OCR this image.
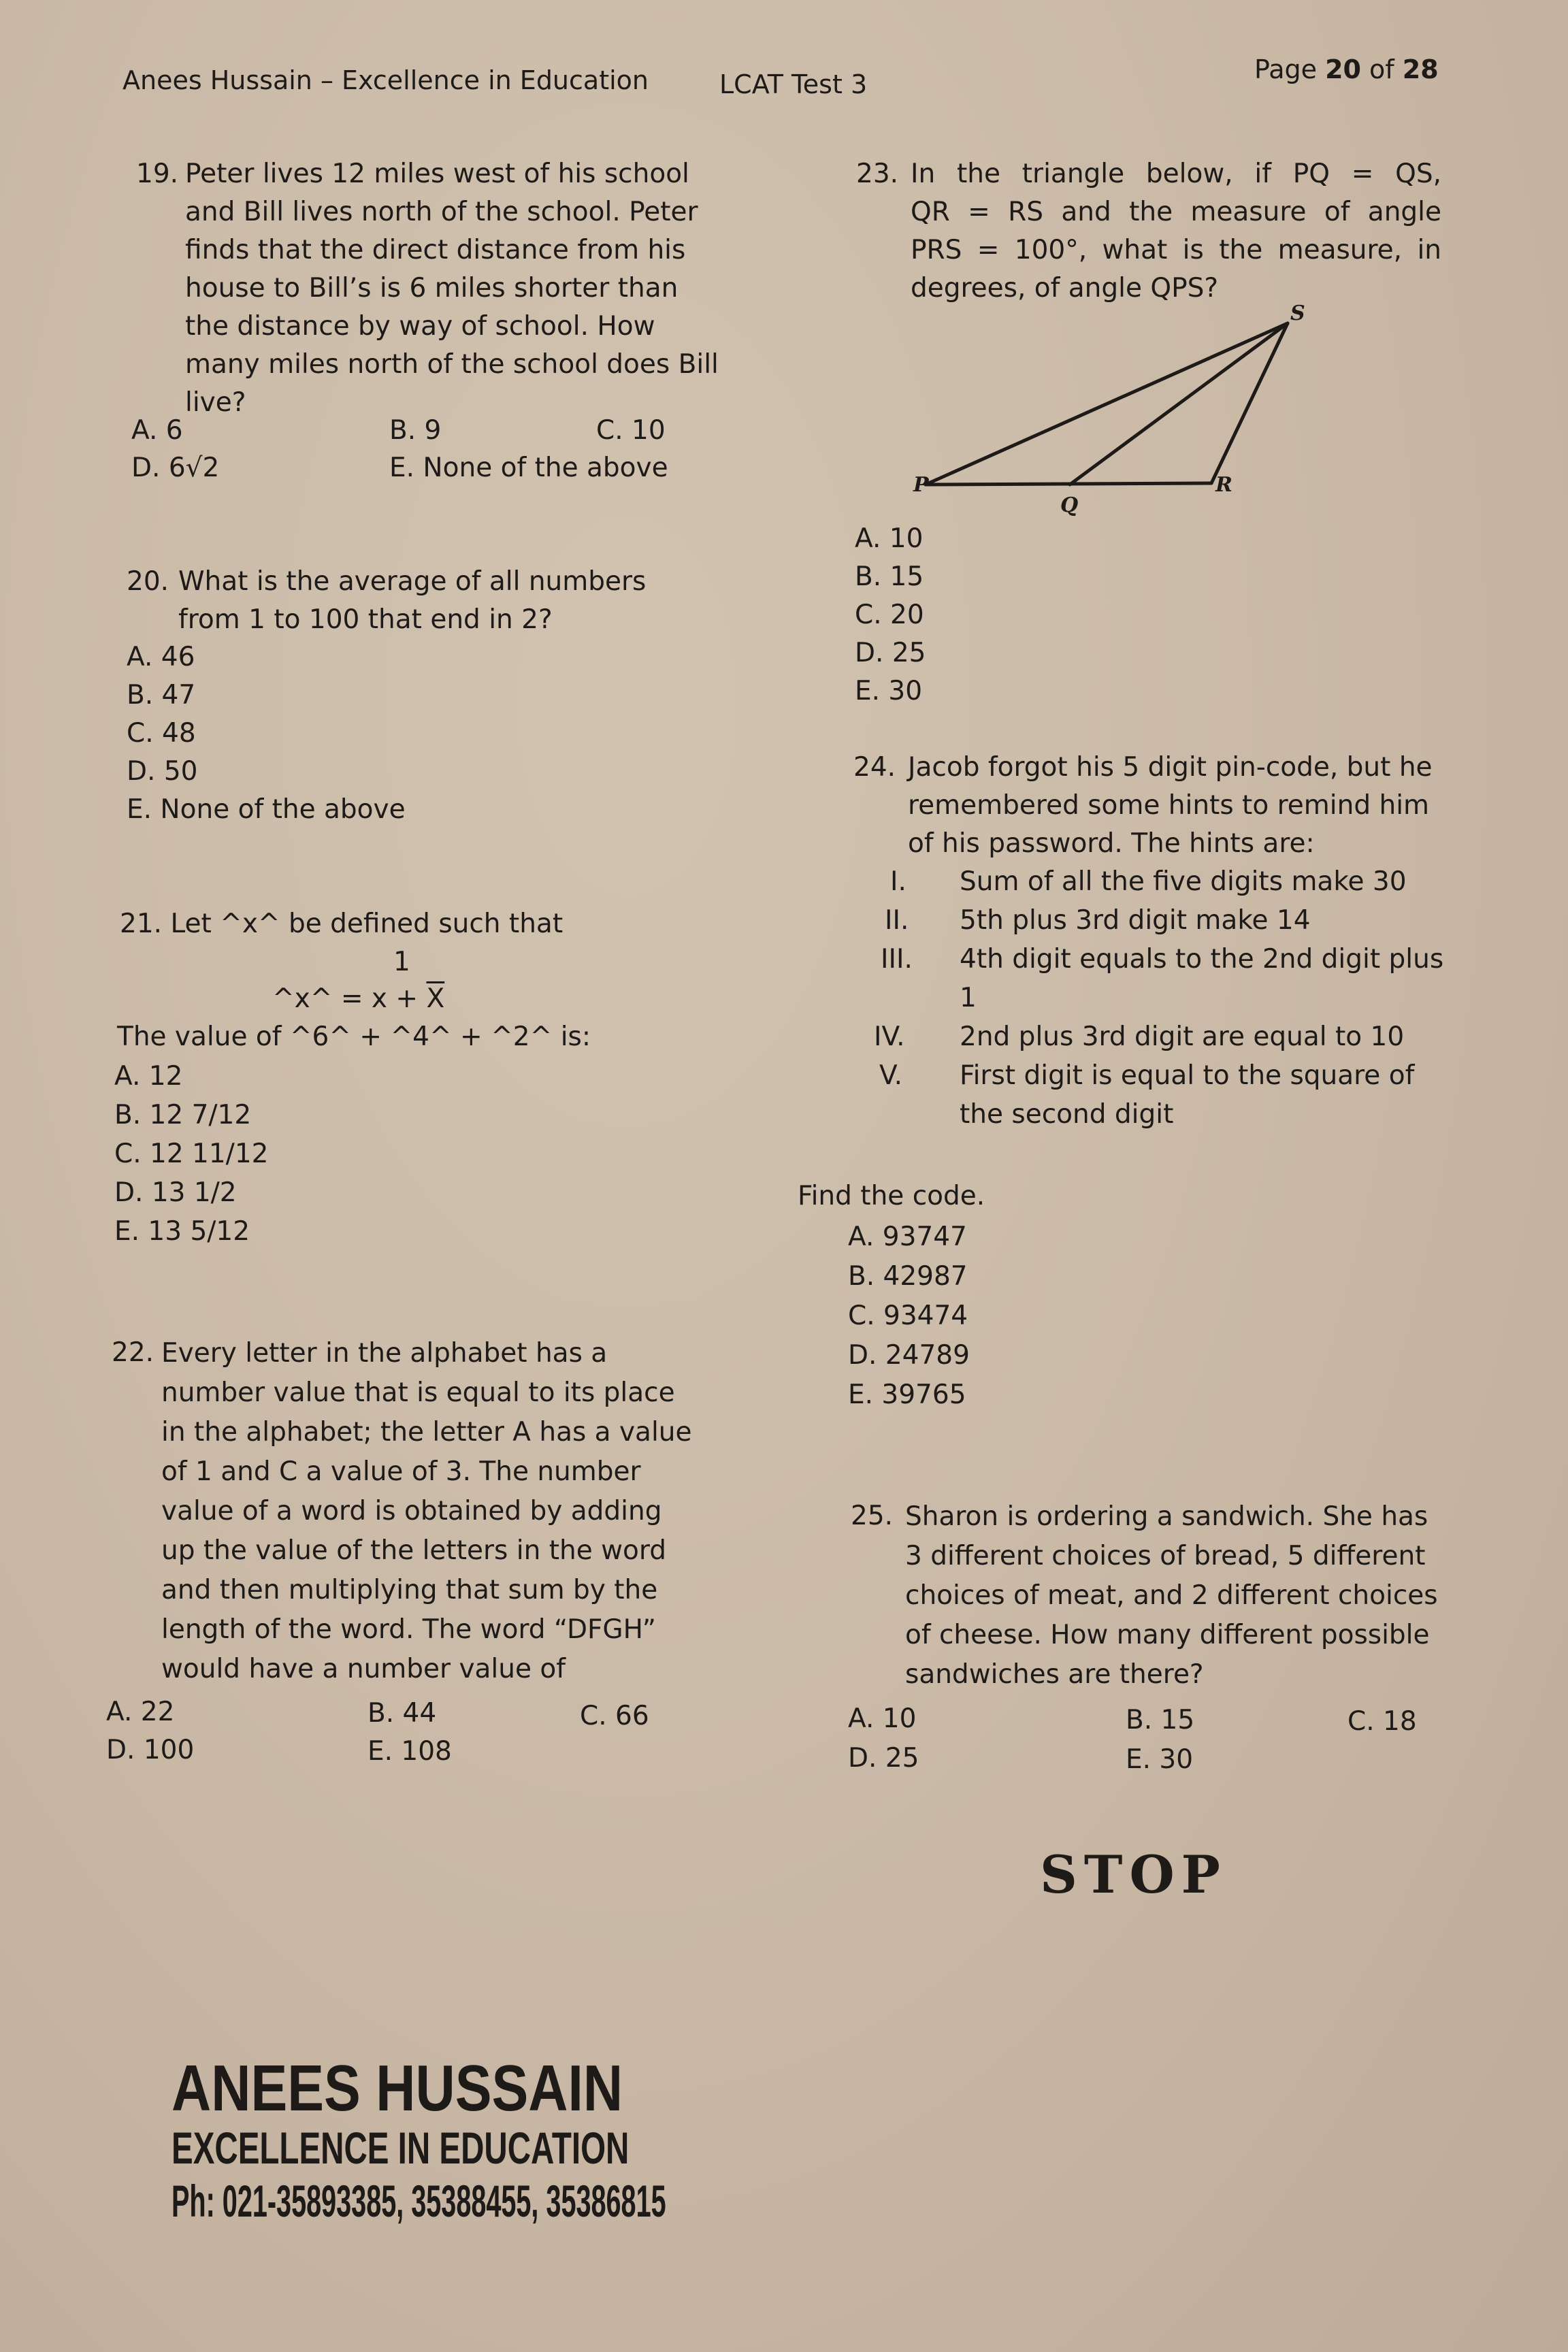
Anees Hussain – Excellence in Education	LCAT Test 3	Page 20 of 28
19. Peter lives 12 miles west of his school
and Bill lives north of the school. Peter
finds that the direct distance from his
house to Bill’s is 6 miles shorter than
the distance by way of school. How
many miles north of the school does Bill
live?
A. 6	B. 9	C. 10
D. 6√2	E. None of the above
20. What is the average of all numbers
from 1 to 100 that end in 2?
A. 46
B. 47
C. 48
D. 50
E. None of the above
21. Let ^x^ be defined such that
1
^x^ = $x + \overline{X}$
The value of ^6^ + ^4^ + ^2^ is:
A. 12
B. 12 7/12
C. 12 11/12
D. 13 1/2
E. 13 5/12
22. Every letter in the alphabet has a
number value that is equal to its place
in the alphabet; the letter A has a value
of 1 and C a value of 3. The number
value of a word is obtained by adding
up the value of the letters in the word
and then multiplying that sum by the
length of the word. The word “DFGH”
would have a number value of
A. 22	B. 44	C. 66
D. 100	E. 108
23. In the triangle below, if PQ = QS,
QR = RS and the measure of angle
PRS = 100°, what is the measure, in
degrees, of angle QPS?
P
Q
R
S
A. 10
B. 15
C. 20
D. 25
E. 30
24. Jacob forgot his 5 digit pin-code, but he
remembered some hints to remind him
of his password. The hints are:
I.	Sum of all the five digits make 30
II.	5th plus 3rd digit make 14
III.	4th digit equals to the 2nd digit plus
1
IV.	2nd plus 3rd digit are equal to 10
V.	First digit is equal to the square of
the second digit
Find the code.
A. 93747
B. 42987
C. 93474
D. 24789
E. 39765
25. Sharon is ordering a sandwich. She has
3 different choices of bread, 5 different
choices of meat, and 2 different choices
of cheese. How many different possible
sandwiches are there?
A. 10	B. 15	C. 18
D. 25	E. 30
STOP
ANEES HUSSAIN
EXCELLENCE IN EDUCATION
Ph: 021-35893385, 35388455, 35386815
